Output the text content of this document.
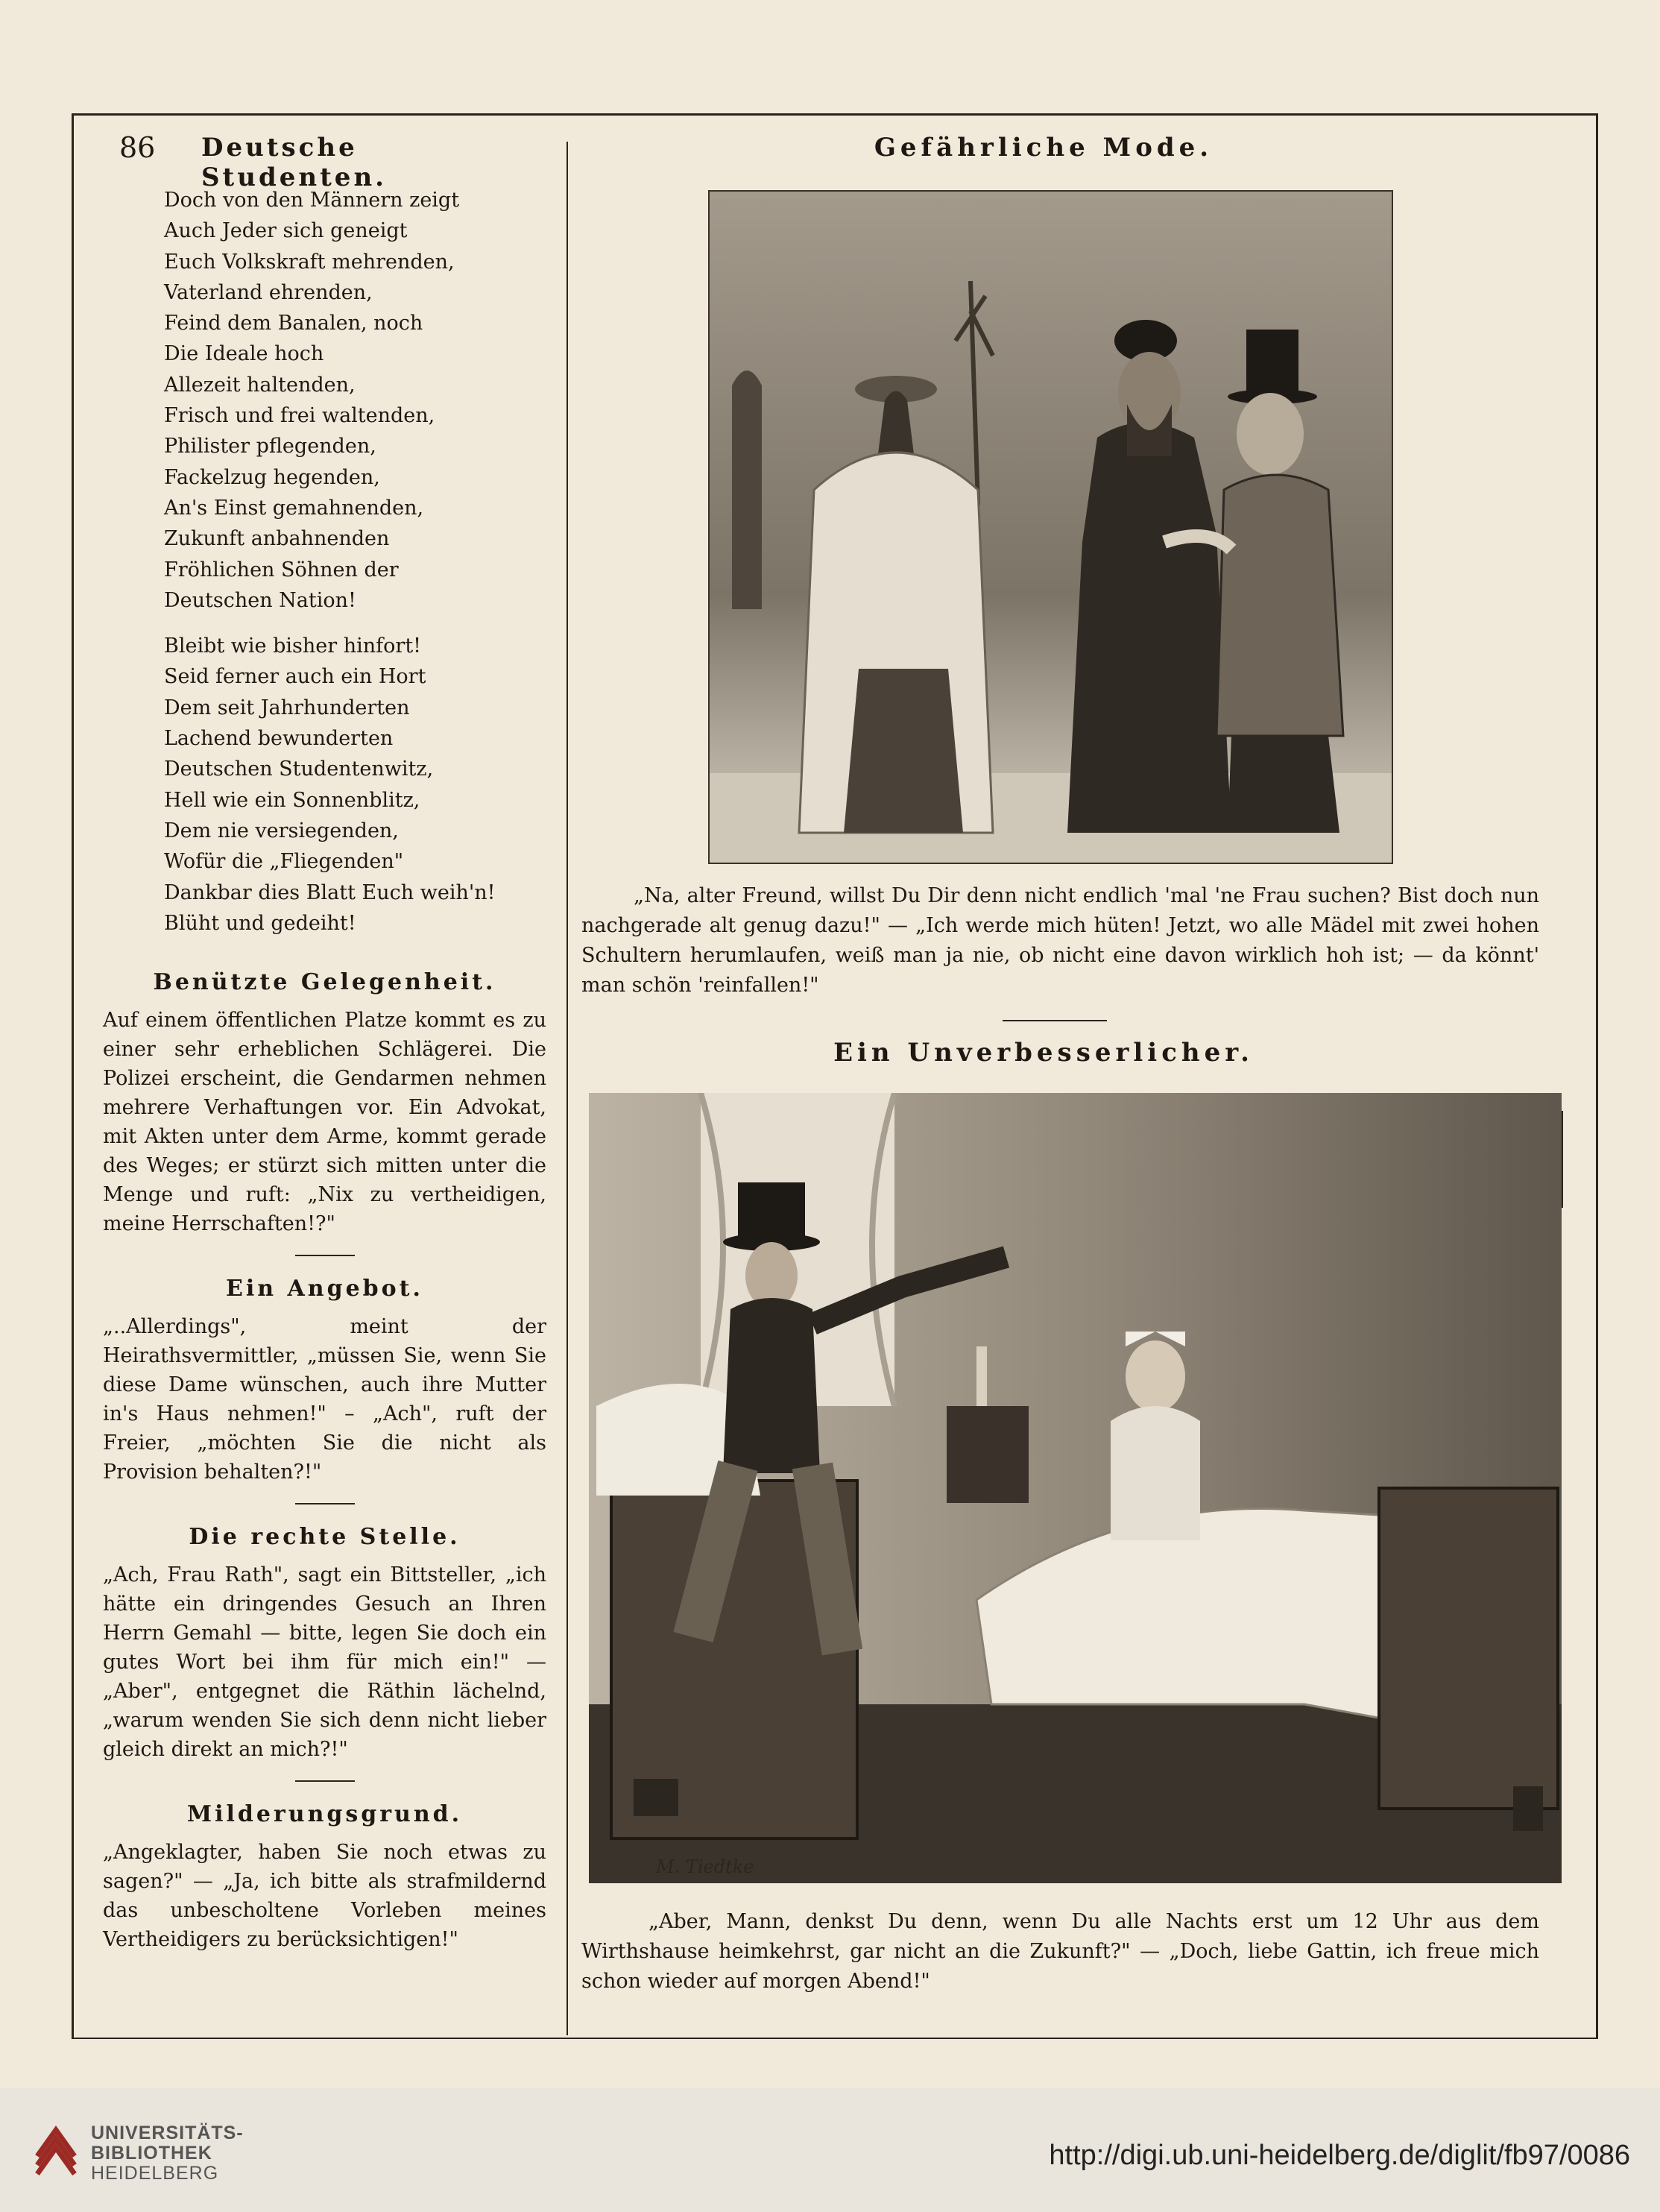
86 Deutsche Studenten.
Doch von den Männern zeigt
Auch Jeder sich geneigt
Euch Volkskraft mehrenden,
Vaterland ehrenden,
Feind dem Banalen, noch
Die Ideale hoch
Allezeit haltenden,
Frisch und frei waltenden,
Philister pflegenden,
Fackelzug hegenden,
An's Einst gemahnenden,
Zukunft anbahnenden
Fröhlichen Söhnen der
Deutschen Nation!
Bleibt wie bisher hinfort!
Seid ferner auch ein Hort
Dem seit Jahrhunderten
Lachend bewunderten
Deutschen Studentenwitz,
Hell wie ein Sonnenblitz,
Dem nie versiegenden,
Wofür die „Fliegenden"
Dankbar dies Blatt Euch weih'n!
Blüht und gedeiht!
Benützte Gelegenheit.
Auf einem öffentlichen Platze kommt es zu einer sehr erheblichen Schlägerei. Die Polizei erscheint, die Gendarmen nehmen mehrere Verhaftungen vor. Ein Advokat, mit Akten unter dem Arme, kommt gerade des Weges; er stürzt sich mitten unter die Menge und ruft: „Nix zu vertheidigen, meine Herrschaften!?"
Ein Angebot.
„..Allerdings", meint der Heirathsvermittler, „müssen Sie, wenn Sie diese Dame wünschen, auch ihre Mutter in's Haus nehmen!" – „Ach", ruft der Freier, „möchten Sie die nicht als Provision behalten?!"
Die rechte Stelle.
„Ach, Frau Rath", sagt ein Bittsteller, „ich hätte ein dringendes Gesuch an Ihren Herrn Gemahl — bitte, legen Sie doch ein gutes Wort bei ihm für mich ein!" — „Aber", entgegnet die Räthin lächelnd, „warum wenden Sie sich denn nicht lieber gleich direkt an mich?!"
Milderungsgrund.
„Angeklagter, haben Sie noch etwas zu sagen?" — „Ja, ich bitte als strafmildernd das unbescholtene Vorleben meines Vertheidigers zu berücksichtigen!"
Gefährliche Mode.
„Na, alter Freund, willst Du Dir denn nicht endlich 'mal 'ne Frau suchen? Bist doch nun nachgerade alt genug dazu!" — „Ich werde mich hüten! Jetzt, wo alle Mädel mit zwei hohen Schultern herumlaufen, weiß man ja nie, ob nicht eine davon wirklich hoh ist; — da könnt' man schön 'reinfallen!"
Ein Unverbesserlicher.
M. Tiedtke
„Aber, Mann, denkst Du denn, wenn Du alle Nachts erst um 12 Uhr aus dem Wirthshause heimkehrst, gar nicht an die Zukunft?" — „Doch, liebe Gattin, ich freue mich schon wieder auf morgen Abend!"
UNIVERSITÄTS-
BIBLIOTHEK
HEIDELBERG
http://digi.ub.uni-heidelberg.de/diglit/fb97/0086
